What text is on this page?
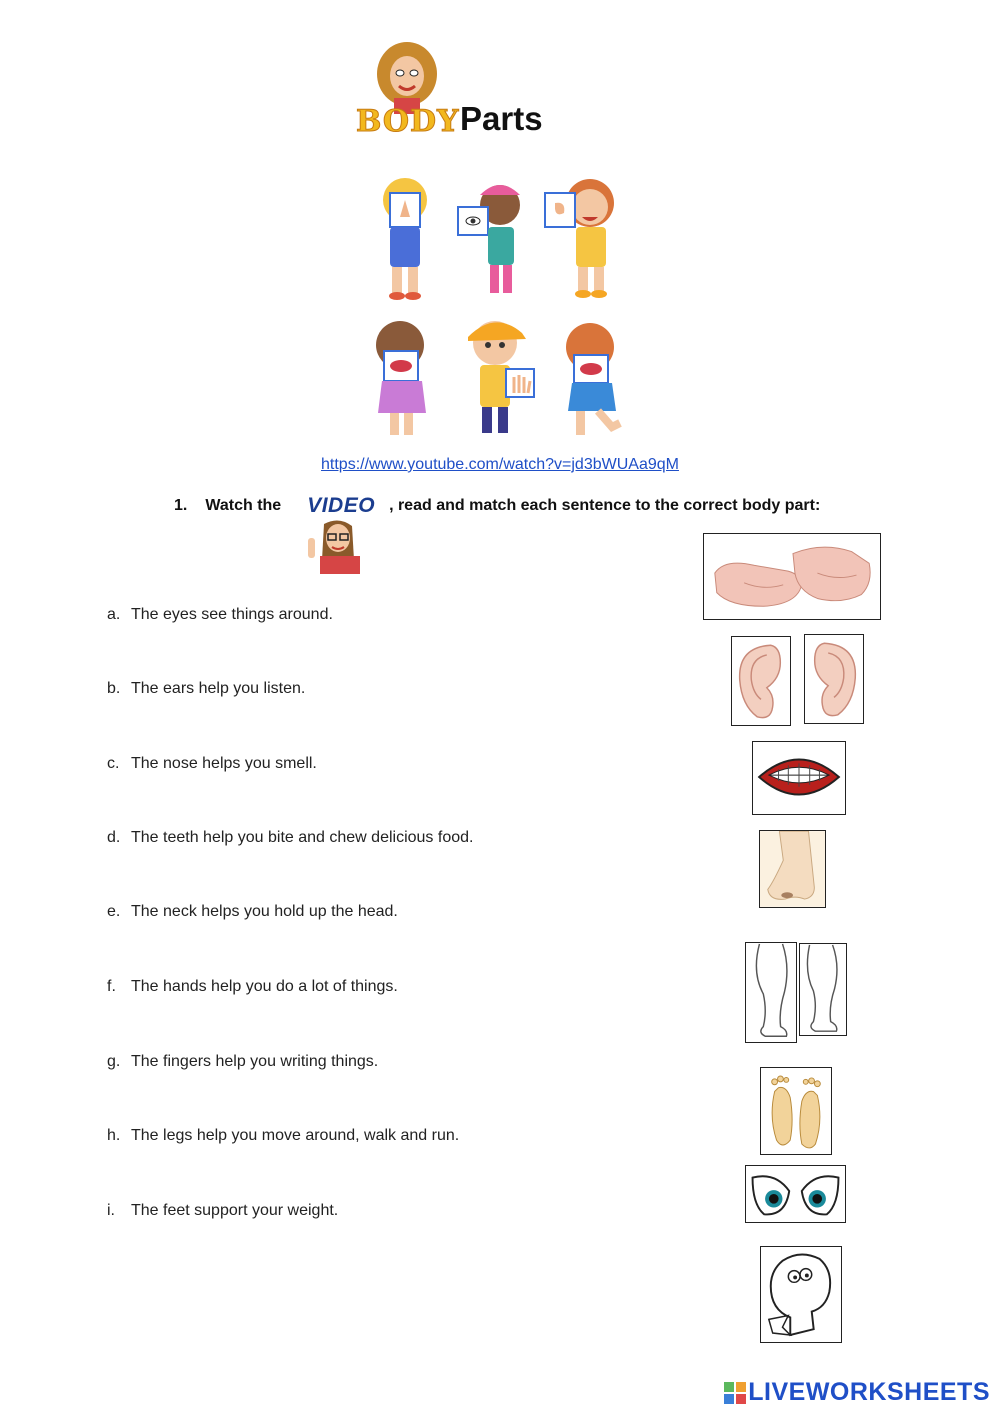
BODY Parts
https://www.youtube.com/watch?v=jd3bWUAa9qM
1. Watch the VIDEO , read and match each sentence to the correct body part:
a. The eyes see things around.
b. The ears help you listen.
c. The nose helps you smell.
d. The teeth help you bite and chew delicious food.
e. The neck helps you hold up the head.
f. The hands help you do a lot of things.
g. The fingers help you writing things.
h. The legs help you move around, walk and run.
i.	The feet support your weight.
LIVEWORKSHEETS
